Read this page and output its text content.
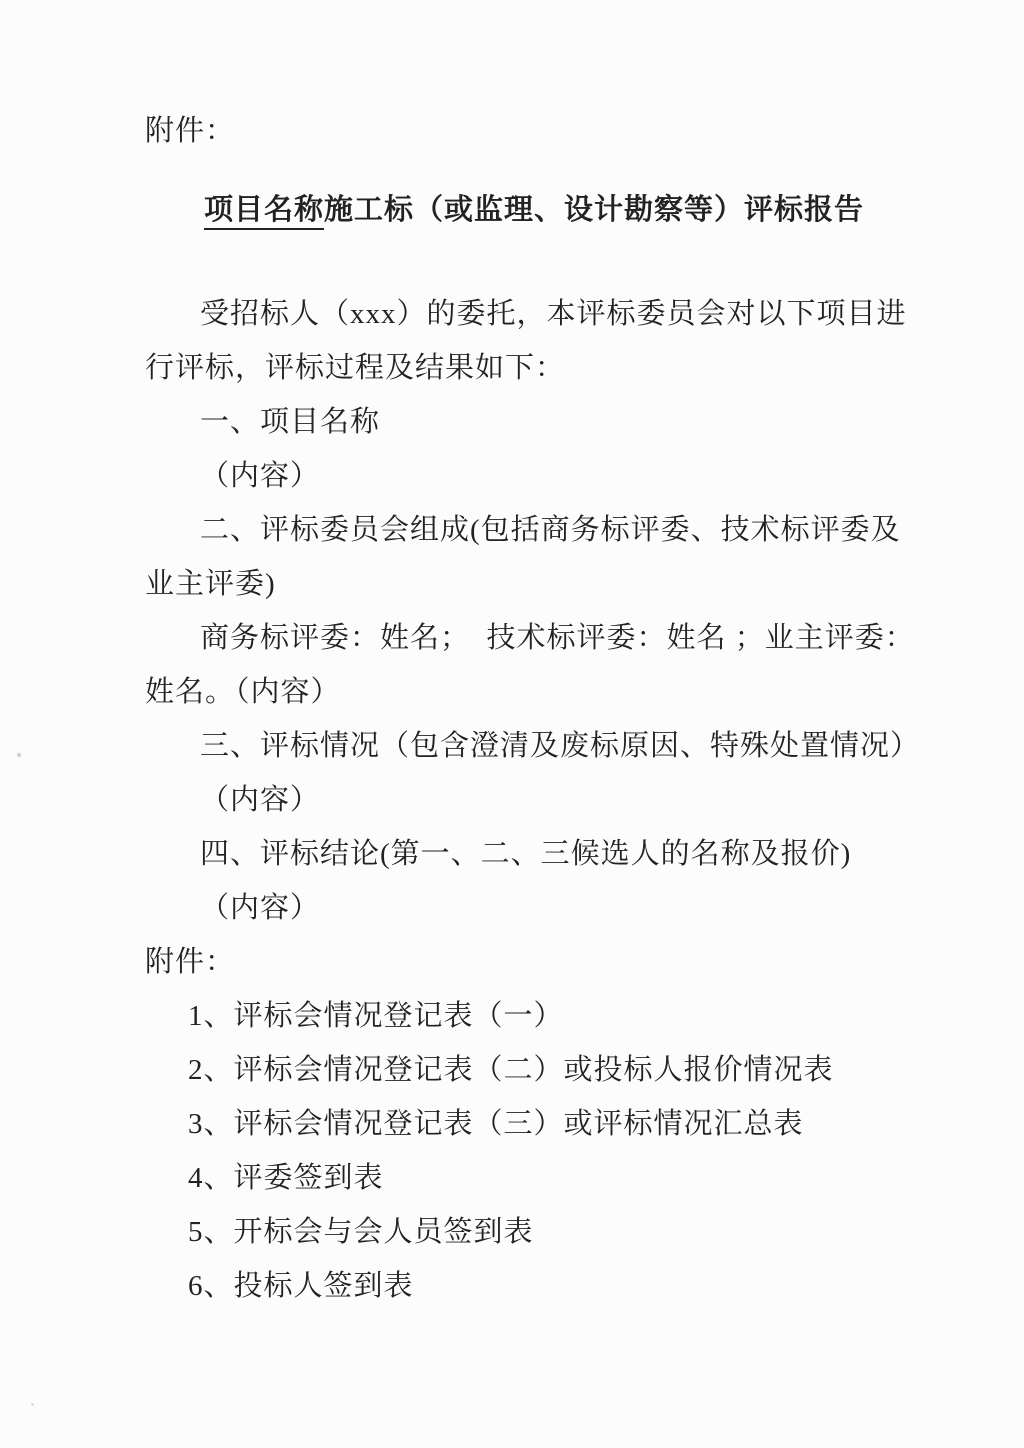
附件：
项目名称施工标（或监理、设计勘察等）评标报告
受招标人（xxx）的委托，本评标委员会对以下项目进
行评标，评标过程及结果如下：
一、项目名称
（内容）
二、评标委员会组成(包括商务标评委、技术标评委及
业主评委)
商务标评委：姓名；  技术标评委：姓名 ；业主评委：
姓名。（内容）
三、评标情况（包含澄清及废标原因、特殊处置情况）
（内容）
四、评标结论(第一、二、三候选人的名称及报价)
（内容）
附件：
1、评标会情况登记表（一）
2、评标会情况登记表（二）或投标人报价情况表
3、评标会情况登记表（三）或评标情况汇总表
4、评委签到表
5、开标会与会人员签到表
6、投标人签到表
